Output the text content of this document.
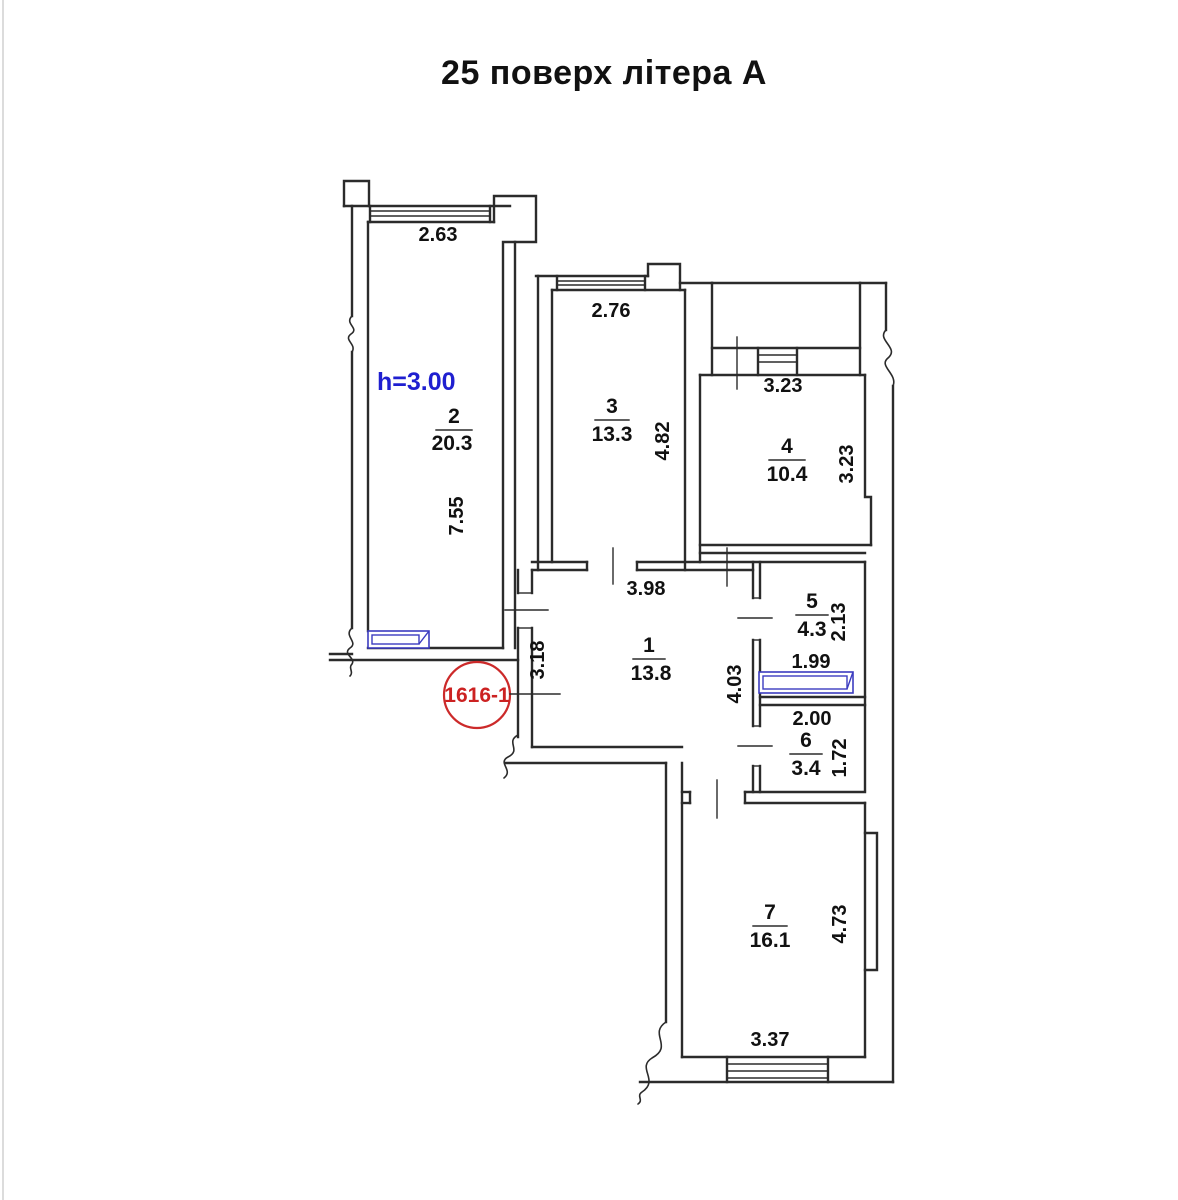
1616-1
25 поверх літера А
h=3.00
2
20.3
2.63
7.55
3
13.3
2.76
4.82	4
10.4
3.23
3.23
3.98
1
13.8
3.18
4.03
5
4.3 2.13
1.99
2.00
6
3.4 1.72
7
16.1 4.73
3.37
